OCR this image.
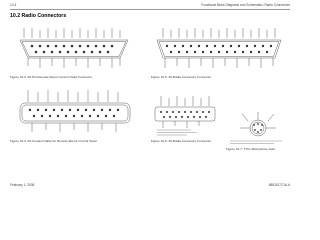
10-4	Functional Block Diagrams and Schematics: Radio Connectors
10.2 Radio Connectors
Figure 10-3. 20-Pin Remote-Mount Control Head Connector
Figure 10-4. 26-Contact Cable for Remote-Mount Control Head
Figure 10-5. 26-Radio Accessory Connector
Figure 10-6. 26-Radio Accessory Connector
Figure 10-7. T-Pin Microphone Jack
February 1, 2008	6881107C16-A
